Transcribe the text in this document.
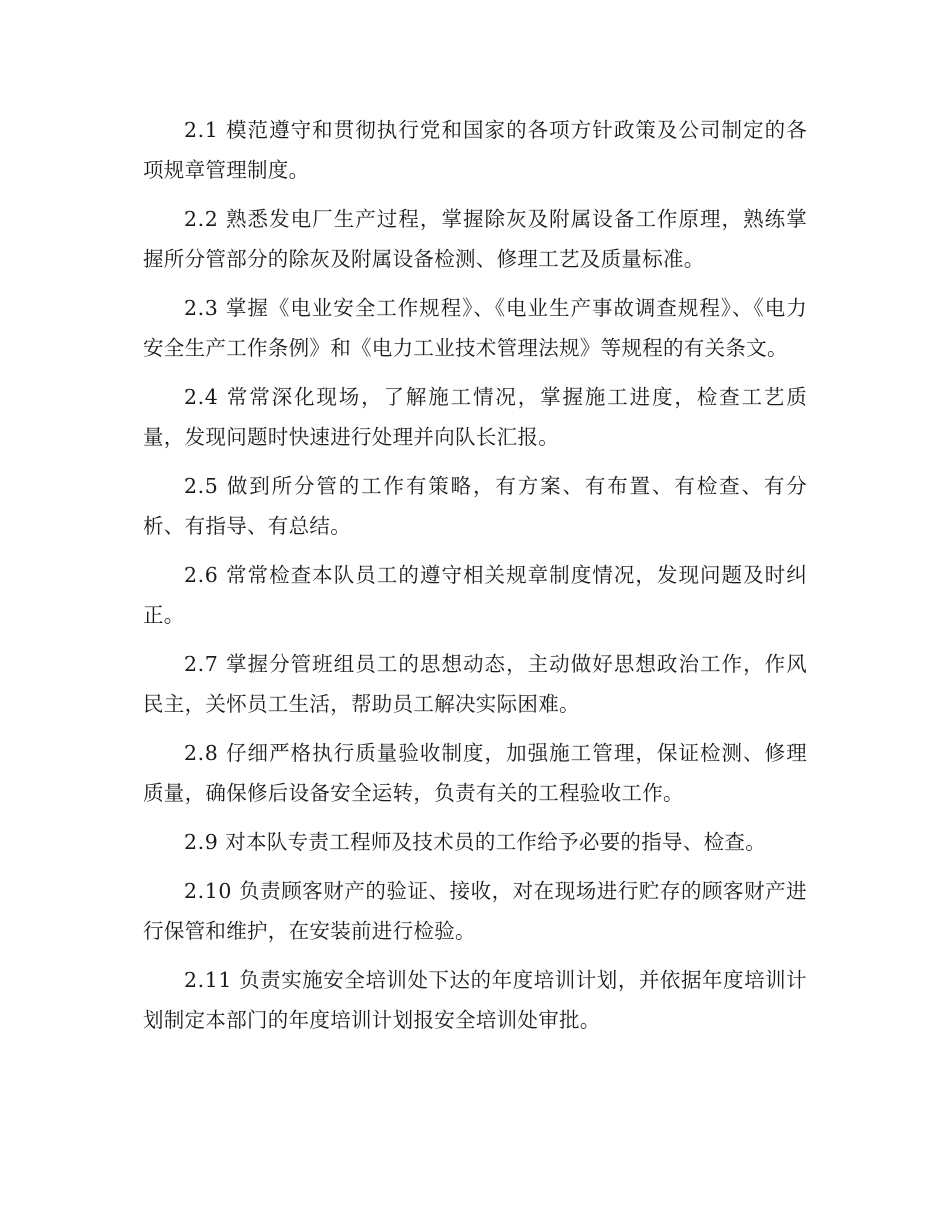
2.1 模范遵守和贯彻执行党和国家的各项方针政策及公司制定的各项规章管理制度。

2.2 熟悉发电厂生产过程，掌握除灰及附属设备工作原理，熟练掌握所分管部分的除灰及附属设备检测、修理工艺及质量标准。

2.3 掌握《电业安全工作规程》、《电业生产事故调查规程》、《电力安全生产工作条例》和《电力工业技术管理法规》等规程的有关条文。

2.4 常常深化现场，了解施工情况，掌握施工进度，检查工艺质量，发现问题时快速进行处理并向队长汇报。

2.5 做到所分管的工作有策略，有方案、有布置、有检查、有分析、有指导、有总结。

2.6 常常检查本队员工的遵守相关规章制度情况，发现问题及时纠正。

2.7 掌握分管班组员工的思想动态，主动做好思想政治工作，作风民主，关怀员工生活，帮助员工解决实际困难。

2.8 仔细严格执行质量验收制度，加强施工管理，保证检测、修理质量，确保修后设备安全运转，负责有关的工程验收工作。

2.9 对本队专责工程师及技术员的工作给予必要的指导、检查。

2.10 负责顾客财产的验证、接收，对在现场进行贮存的顾客财产进行保管和维护，在安装前进行检验。

2.11 负责实施安全培训处下达的年度培训计划，并依据年度培训计划制定本部门的年度培训计划报安全培训处审批。
